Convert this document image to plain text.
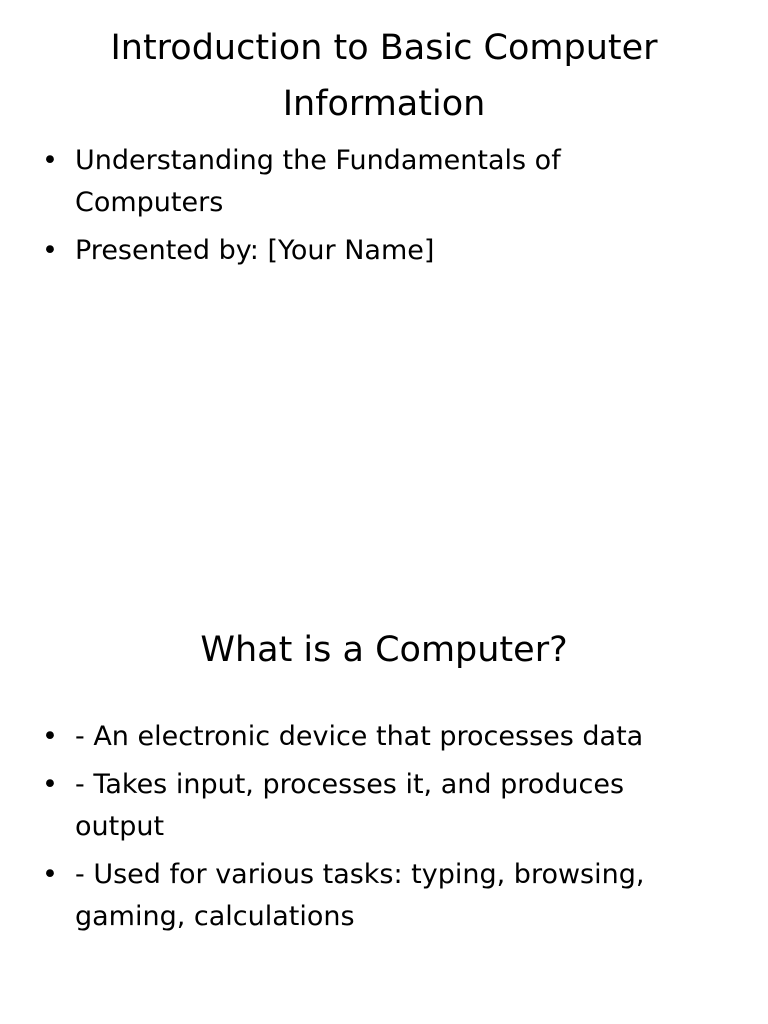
Introduction to Basic Computer Information
• Understanding the Fundamentals of Computers
• Presented by: [Your Name]
What is a Computer?
• - An electronic device that processes data
• - Takes input, processes it, and produces output
• - Used for various tasks: typing, browsing, gaming, calculations
